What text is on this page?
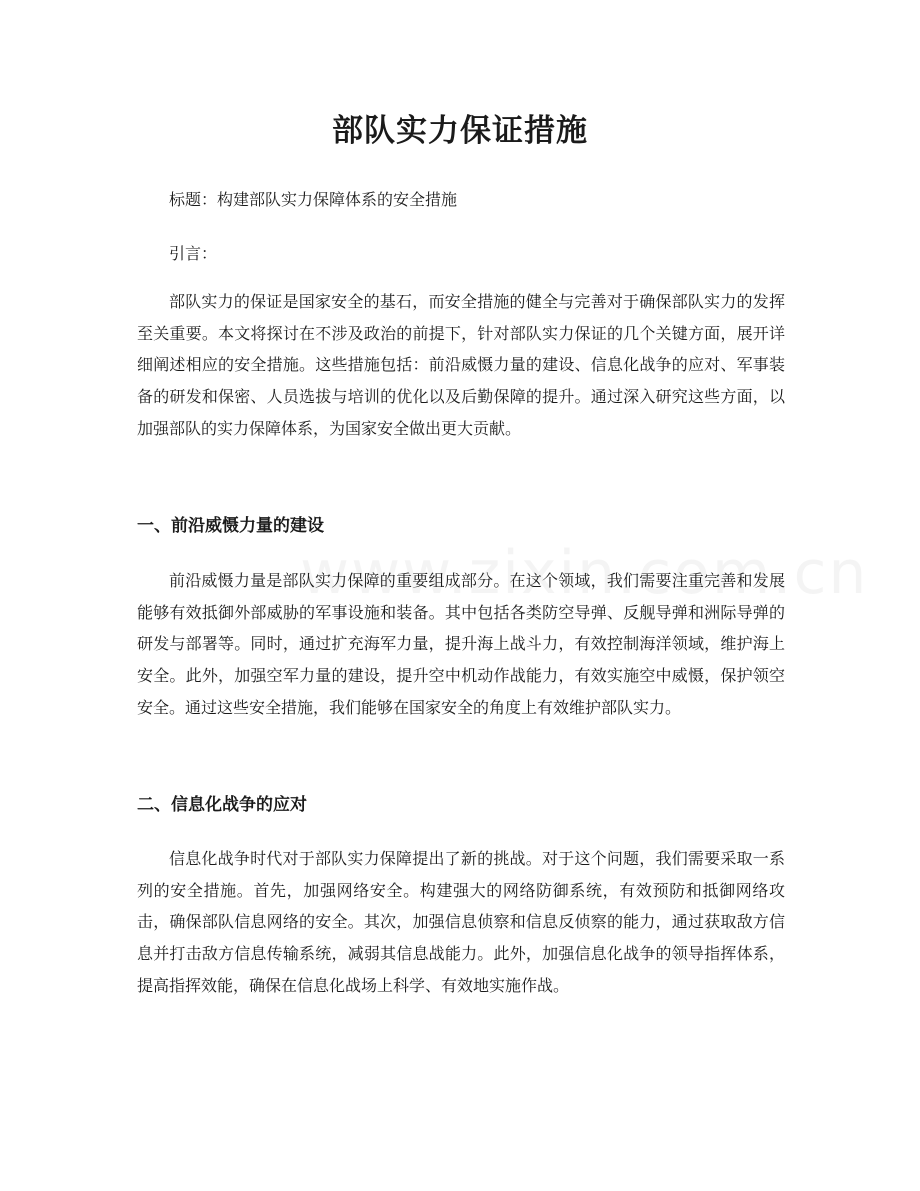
部队实力保证措施

标题：构建部队实力保障体系的安全措施

引言：

部队实力的保证是国家安全的基石，而安全措施的健全与完善对于确保部队实力的发挥至关重要。本文将探讨在不涉及政治的前提下，针对部队实力保证的几个关键方面，展开详细阐述相应的安全措施。这些措施包括：前沿威慑力量的建设、信息化战争的应对、军事装备的研发和保密、人员选拔与培训的优化以及后勤保障的提升。通过深入研究这些方面，以加强部队的实力保障体系，为国家安全做出更大贡献。

一、前沿威慑力量的建设

前沿威慑力量是部队实力保障的重要组成部分。在这个领域，我们需要注重完善和发展能够有效抵御外部威胁的军事设施和装备。其中包括各类防空导弹、反舰导弹和洲际导弹的研发与部署等。同时，通过扩充海军力量，提升海上战斗力，有效控制海洋领域，维护海上安全。此外，加强空军力量的建设，提升空中机动作战能力，有效实施空中威慑，保护领空安全。通过这些安全措施，我们能够在国家安全的角度上有效维护部队实力。

二、信息化战争的应对

信息化战争时代对于部队实力保障提出了新的挑战。对于这个问题，我们需要采取一系列的安全措施。首先，加强网络安全。构建强大的网络防御系统，有效预防和抵御网络攻击，确保部队信息网络的安全。其次，加强信息侦察和信息反侦察的能力，通过获取敌方信息并打击敌方信息传输系统，减弱其信息战能力。此外，加强信息化战争的领导指挥体系，提高指挥效能，确保在信息化战场上科学、有效地实施作战。
